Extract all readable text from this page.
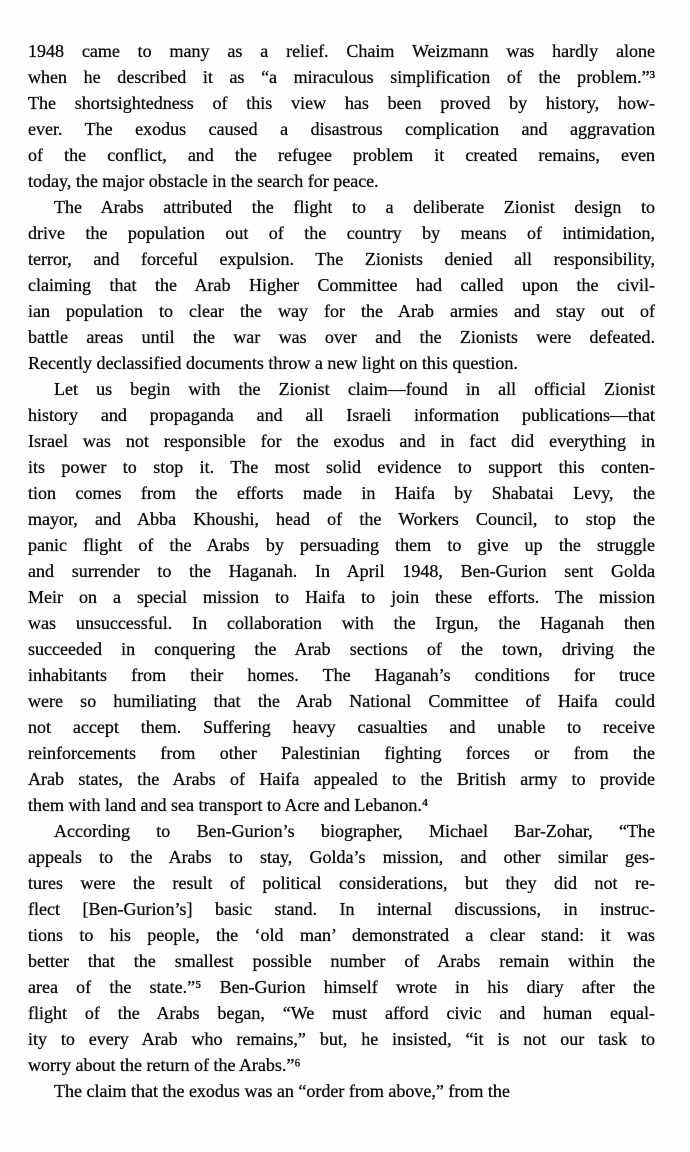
1948 came to many as a relief. Chaim Weizmann was hardly alone
when he described it as “a miraculous simplification of the problem.”³
The shortsightedness of this view has been proved by history, how-
ever. The exodus caused a disastrous complication and aggravation
of the conflict, and the refugee problem it created remains, even
today, the major obstacle in the search for peace.

The Arabs attributed the flight to a deliberate Zionist design to
drive the population out of the country by means of intimidation,
terror, and forceful expulsion. The Zionists denied all responsibility,
claiming that the Arab Higher Committee had called upon the civil-
ian population to clear the way for the Arab armies and stay out of
battle areas until the war was over and the Zionists were defeated.
Recently declassified documents throw a new light on this question.

Let us begin with the Zionist claim—found in all official Zionist
history and propaganda and all Israeli information publications—that
Israel was not responsible for the exodus and in fact did everything in
its power to stop it. The most solid evidence to support this conten-
tion comes from the efforts made in Haifa by Shabatai Levy, the
mayor, and Abba Khoushi, head of the Workers Council, to stop the
panic flight of the Arabs by persuading them to give up the struggle
and surrender to the Haganah. In April 1948, Ben-Gurion sent Golda
Meir on a special mission to Haifa to join these efforts. The mission
was unsuccessful. In collaboration with the Irgun, the Haganah then
succeeded in conquering the Arab sections of the town, driving the
inhabitants from their homes. The Haganah’s conditions for truce
were so humiliating that the Arab National Committee of Haifa could
not accept them. Suffering heavy casualties and unable to receive
reinforcements from other Palestinian fighting forces or from the
Arab states, the Arabs of Haifa appealed to the British army to provide
them with land and sea transport to Acre and Lebanon.⁴

According to Ben-Gurion’s biographer, Michael Bar-Zohar, “The
appeals to the Arabs to stay, Golda’s mission, and other similar ges-
tures were the result of political considerations, but they did not re-
flect [Ben-Gurion’s] basic stand. In internal discussions, in instruc-
tions to his people, the ‘old man’ demonstrated a clear stand: it was
better that the smallest possible number of Arabs remain within the
area of the state.”⁵ Ben-Gurion himself wrote in his diary after the
flight of the Arabs began, “We must afford civic and human equal-
ity to every Arab who remains,” but, he insisted, “it is not our task to
worry about the return of the Arabs.”⁶

The claim that the exodus was an “order from above,” from the
